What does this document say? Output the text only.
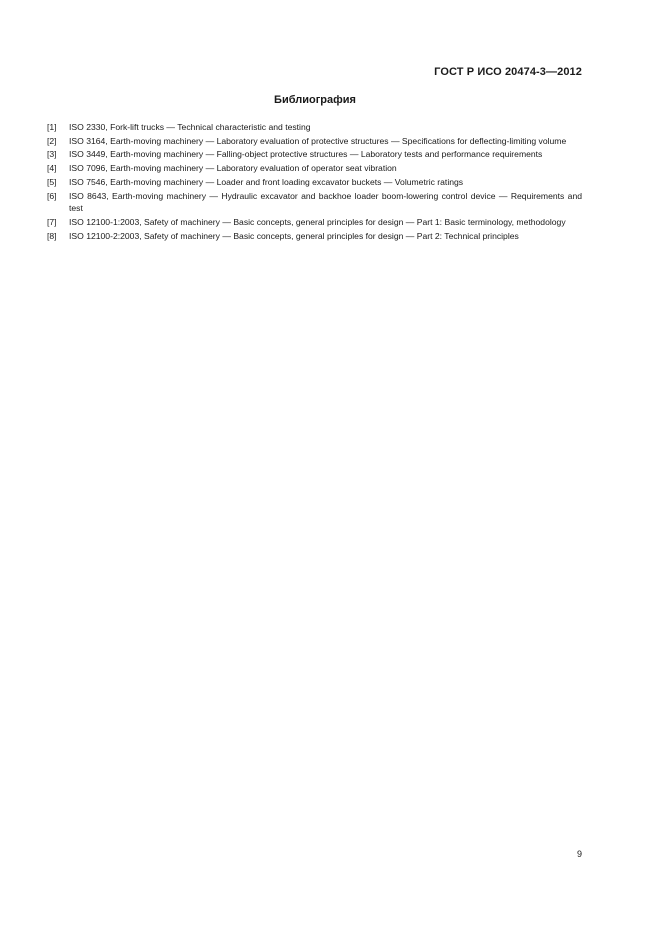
ГОСТ Р ИСО 20474-3—2012
Библиография
[1]	ISO 2330, Fork-lift trucks — Technical characteristic and testing
[2]	ISO 3164, Earth-moving machinery — Laboratory evaluation of protective structures — Specifications for deflecting-limiting volume
[3]	ISO 3449, Earth-moving machinery — Falling-object protective structures — Laboratory tests and performance requirements
[4]	ISO 7096, Earth-moving machinery — Laboratory evaluation of operator seat vibration
[5]	ISO 7546, Earth-moving machinery — Loader and front loading excavator buckets — Volumetric ratings
[6]	ISO 8643, Earth-moving machinery — Hydraulic excavator and backhoe loader boom-lowering control device — Requirements and test
[7]	ISO 12100-1:2003, Safety of machinery — Basic concepts, general principles for design — Part 1: Basic terminology, methodology
[8]	ISO 12100-2:2003, Safety of machinery — Basic concepts, general principles for design — Part 2: Technical principles
9
